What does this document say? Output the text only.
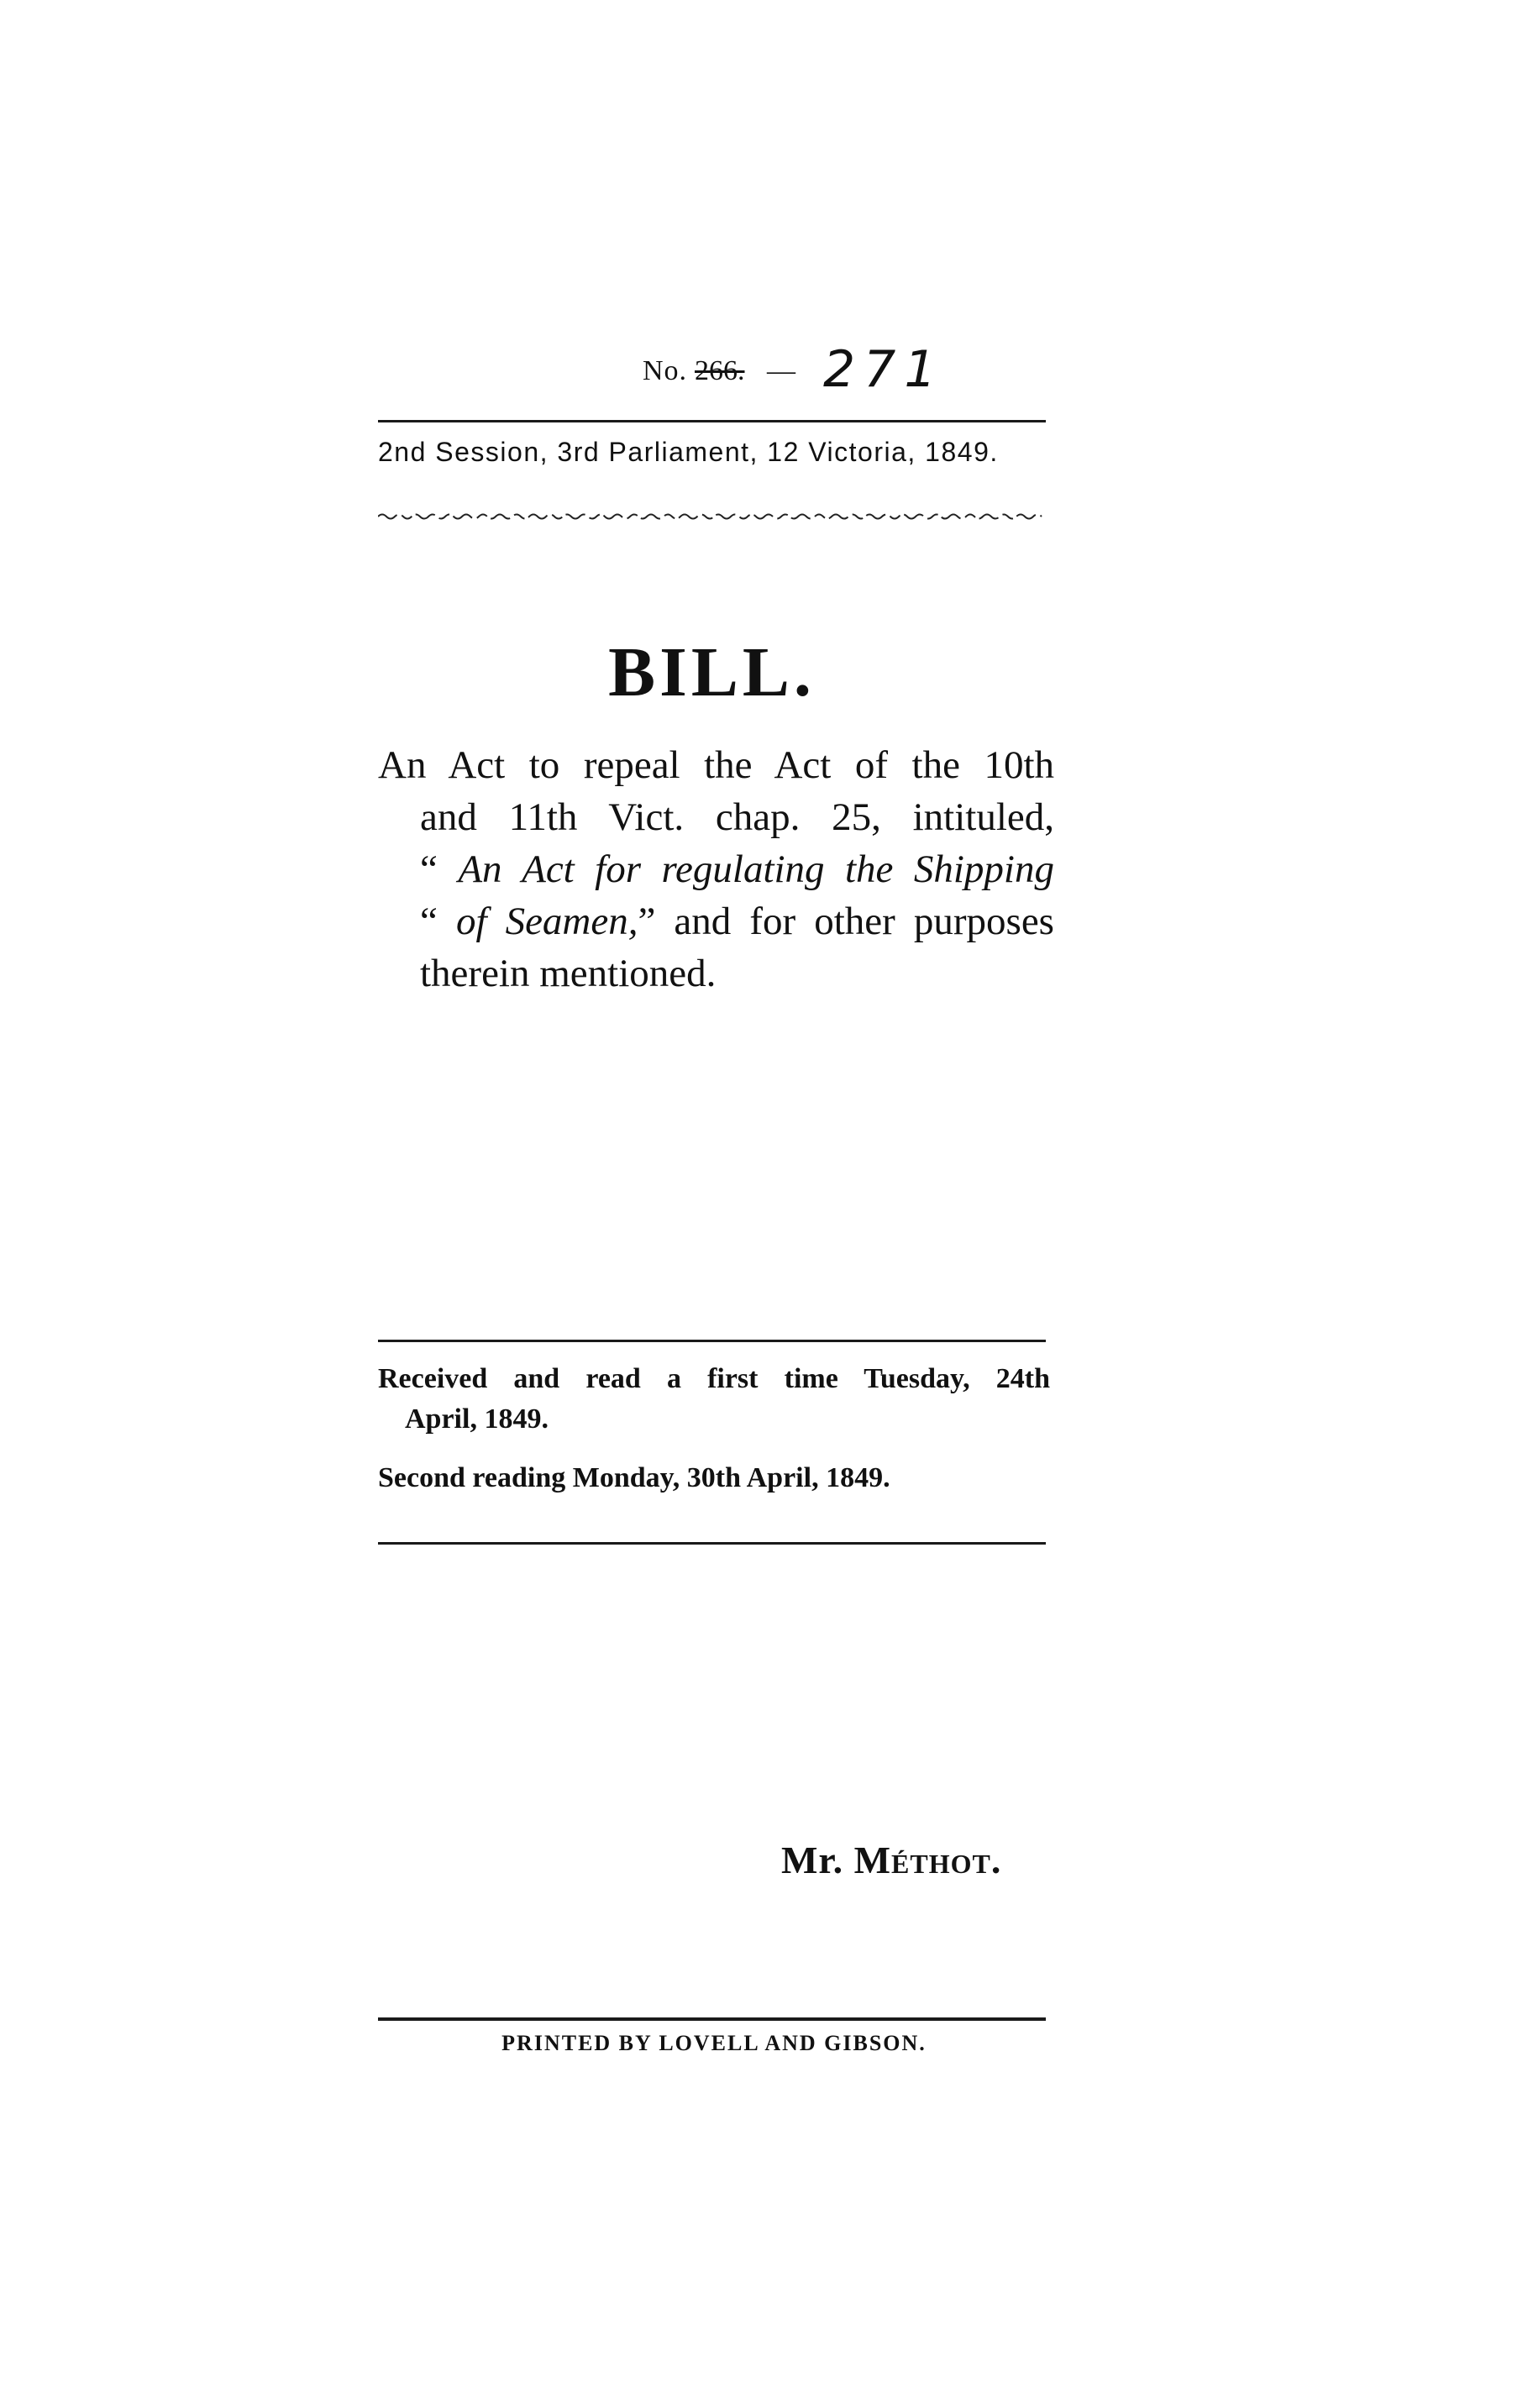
No. 266. — 271
2nd Session, 3rd Parliament, 12 Victoria, 1849.
BILL.
An Act to repeal the Act of the 10th
and 11th Vict. chap. 25, intituled,
“ An Act for regulating the Shipping
“ of Seamen,” and for other purposes
therein mentioned.
Received and read a first time Tuesday, 24th
April, 1849.
Second reading Monday, 30th April, 1849.
Mr. Méthot.
PRINTED BY LOVELL AND GIBSON.
